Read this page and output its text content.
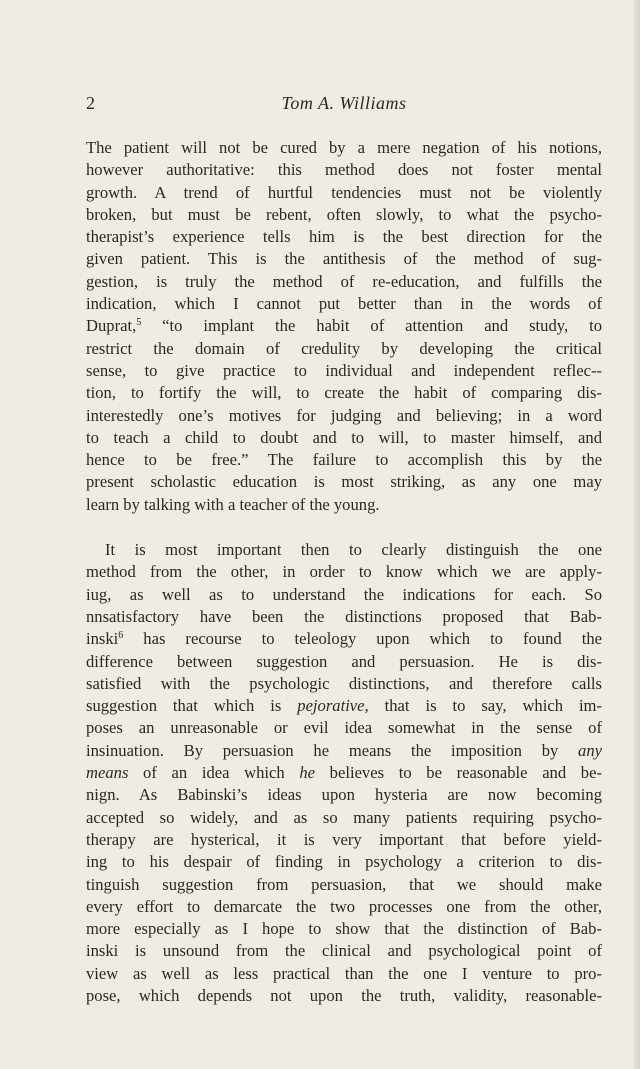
2	Tom A. Williams

The patient will not be cured by a mere negation of his notions,

however authoritative: this method does not foster mental

growth. A trend of hurtful tendencies must not be violently

broken, but must be rebent, often slowly, to what the psycho-

therapist’s experience tells him is the best direction for the

given patient. This is the antithesis of the method of sug-

gestion, is truly the method of re-education, and fulfills the

indication, which I cannot put better than in the words of

Duprat,$^5$ “to implant the habit of attention and study, to

restrict the domain of credulity by developing the critical

sense, to give practice to individual and independent reflec--

tion, to fortify the will, to create the habit of comparing dis-

interestedly one’s motives for judging and believing; in a word

to teach a child to doubt and to will, to master himself, and

hence to be free.” The failure to accomplish this by the

present scholastic education is most striking, as any one may

learn by talking with a teacher of the young.

It is most important then to clearly distinguish the one

method from the other, in order to know which we are apply-

iug, as well as to understand the indications for each. So

nnsatisfactory have been the distinctions proposed that Bab-

inski$^6$ has recourse to teleology upon which to found the

difference between suggestion and persuasion. He is dis-

satisfied with the psychologic distinctions, and therefore calls

suggestion that which is pejorative, that is to say, which im-

poses an unreasonable or evil idea somewhat in the sense of

insinuation. By persuasion he means the imposition by any

means of an idea which he believes to be reasonable and be-

nign. As Babinski’s ideas upon hysteria are now becoming

accepted so widely, and as so many patients requiring psycho-

therapy are hysterical, it is very important that before yield-

ing to his despair of finding in psychology a criterion to dis-

tinguish suggestion from persuasion, that we should make

every effort to demarcate the two processes one from the other,

more especially as I hope to show that the distinction of Bab-

inski is unsound from the clinical and psychological point of

view as well as less practical than the one I venture to pro-

pose, which depends not upon the truth, validity, reasonable-
